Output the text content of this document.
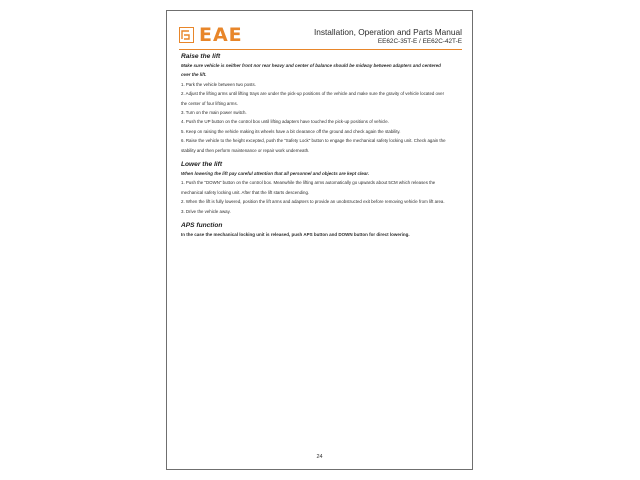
EAE	Installation, Operation and Parts Manual
EE62C-35T-E / EE62C-42T-E
Raise the lift

Make sure vehicle is neither front nor rear heavy and center of balance should be midway between adapters and centered over the lift.

1. Park the vehicle between two posts.

2. Adjust the lifting arms until lifting trays are under the pick-up positions of the vehicle and make sure the gravity of vehicle located over the center of four lifting arms.

3. Turn on the main power switch.

4. Push the UP button on the control box until lifting adapters have touched the pick-up positions of vehicle.

5. Keep on raising the vehicle making its wheels have a bit clearance off the ground and check again the stability.

6. Raise the vehicle to the height excepted, push the "Safety Lock" button to engage the mechanical safety locking unit. Check again the stability and then perform maintenance or repair work underneath.

Lower the lift

When lowering the lift pay careful attention that all personnel and objects are kept clear.

1. Push the "DOWN" button on the control box. Meanwhile the lifting arms automatically go upwards about 5CM which releases the mechanical safety locking unit. After that the lift starts descending.

2. When the lift is fully lowered, position the lift arms and adapters to provide an unobstructed exit before removing vehicle from lift area.

3. Drive the vehicle away.

APS function

In the case the mechanical locking unit is released, push APS button and DOWN button for direct lowering.

24
